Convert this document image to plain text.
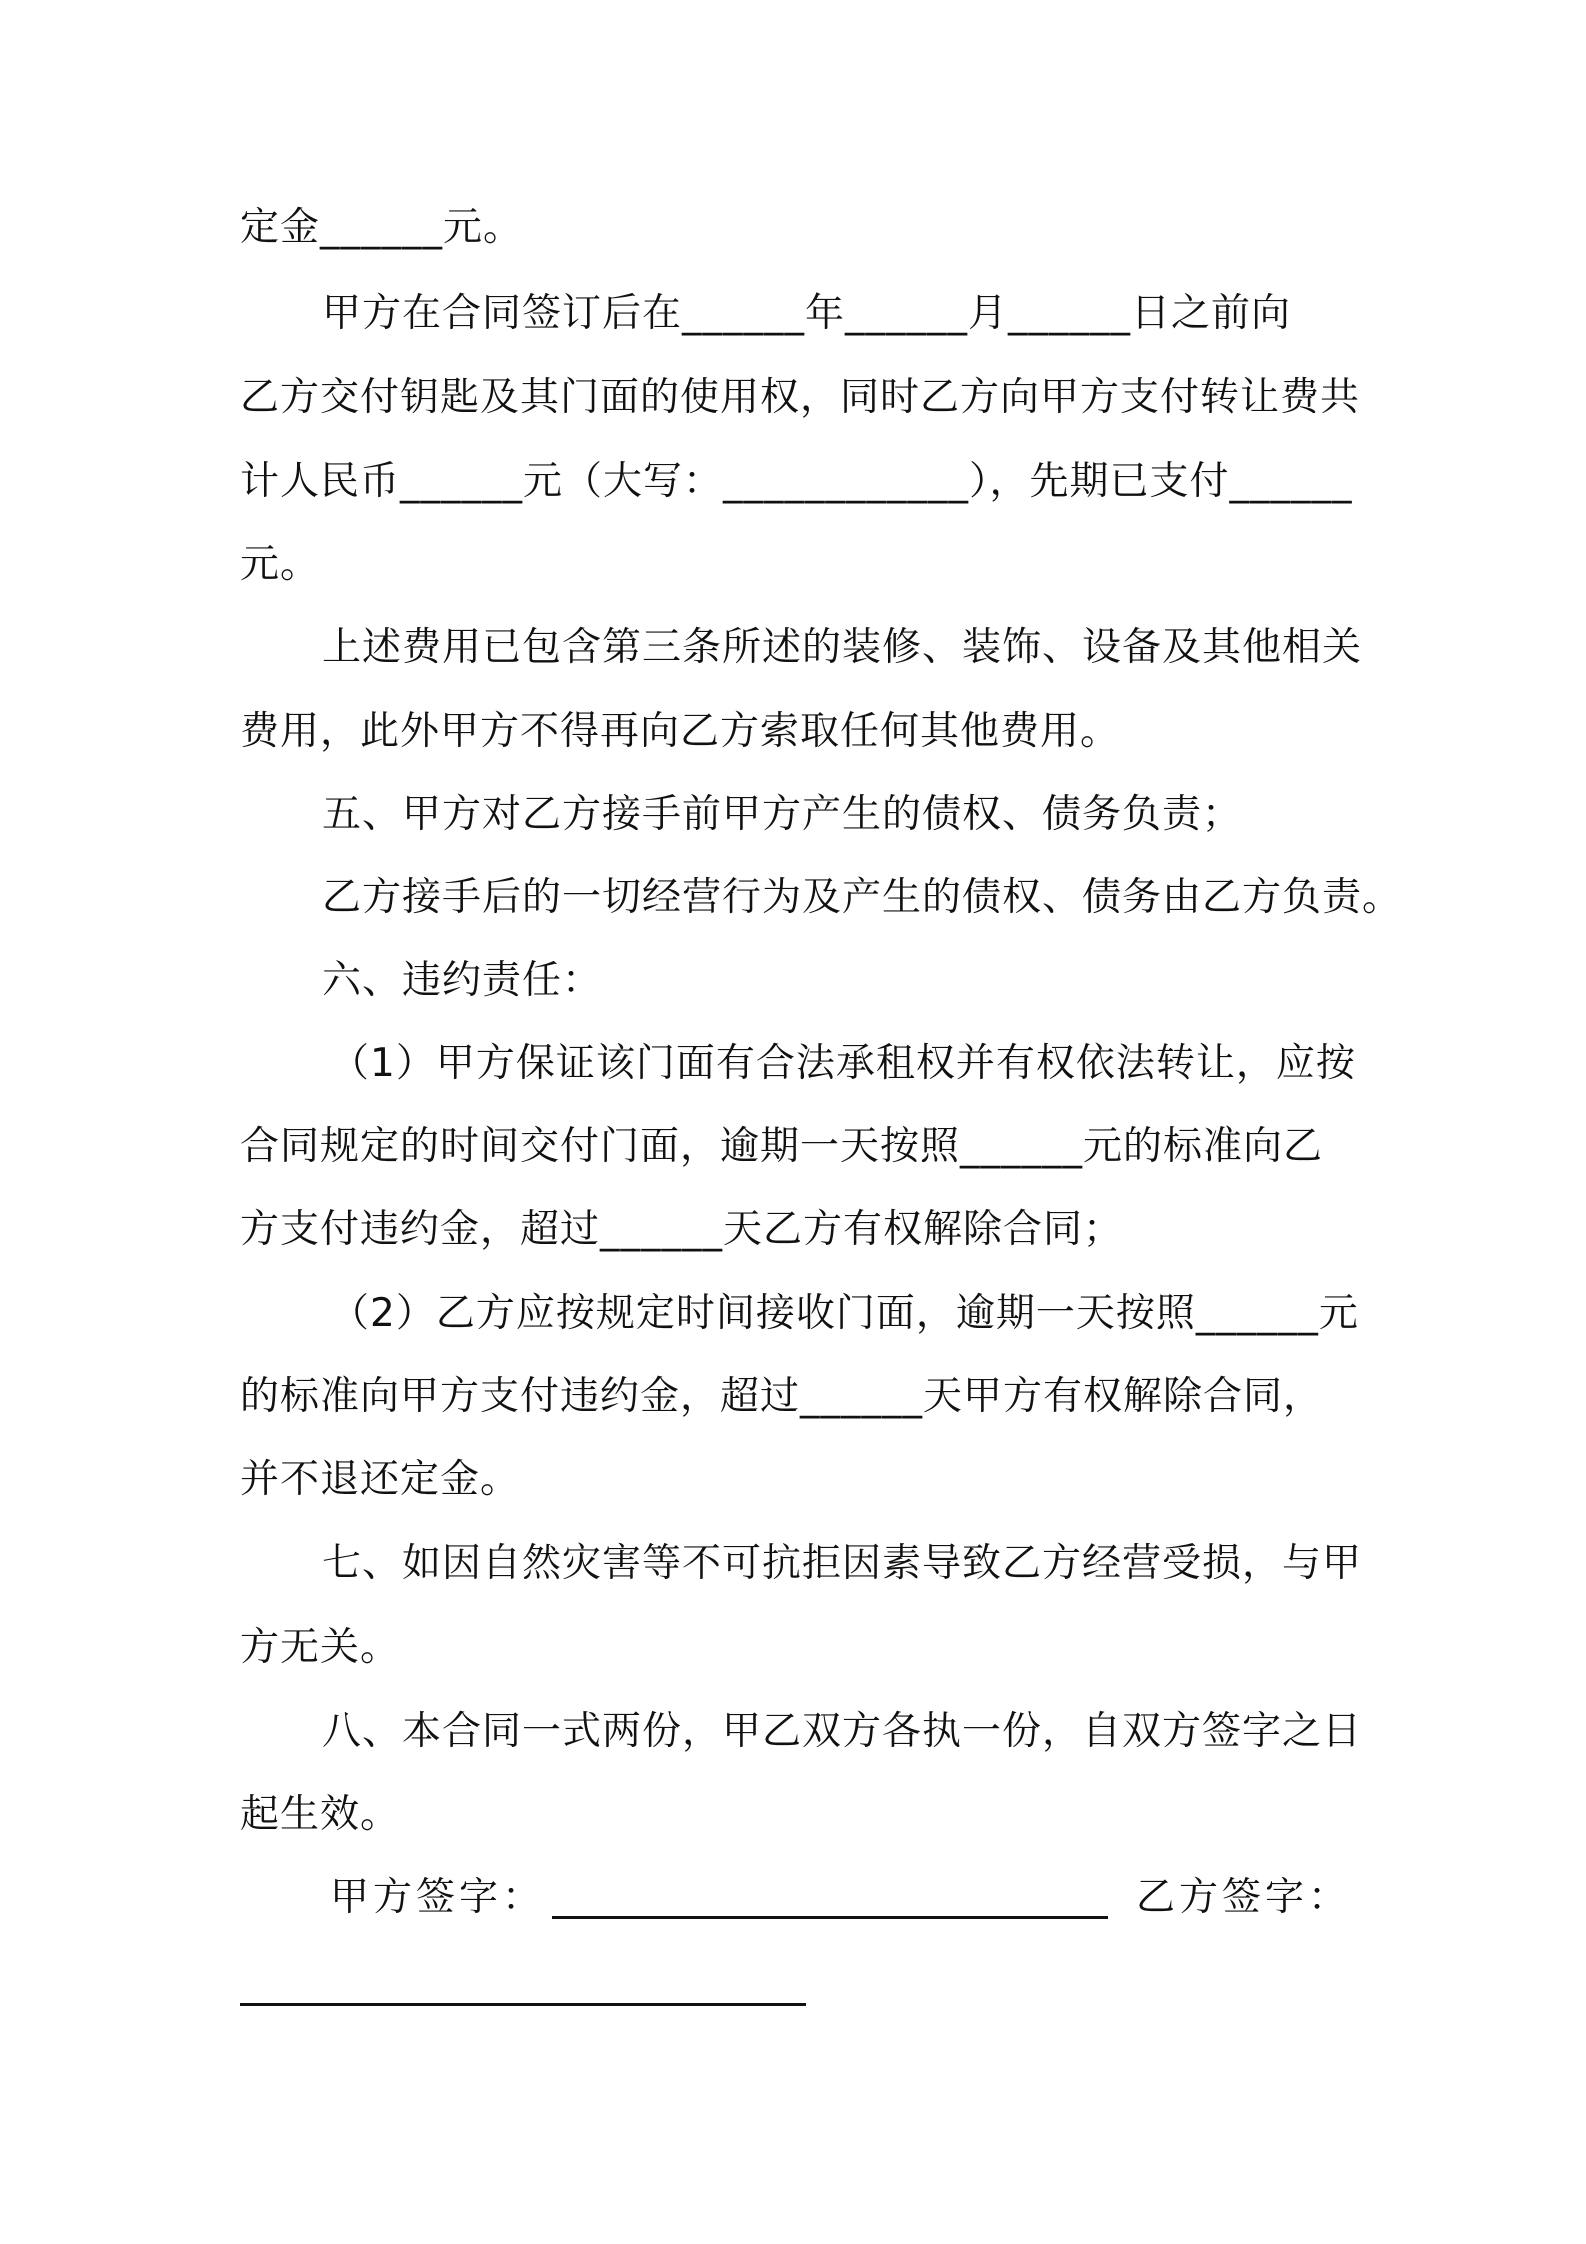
定金______元。
甲方在合同签订后在______年______月______日之前向
乙方交付钥匙及其门面的使用权，同时乙方向甲方支付转让费共
计人民币______元（大写：____________），先期已支付______
元。
上述费用已包含第三条所述的装修、装饰、设备及其他相关
费用，此外甲方不得再向乙方索取任何其他费用。
五、甲方对乙方接手前甲方产生的债权、债务负责；
乙方接手后的一切经营行为及产生的债权、债务由乙方负责。
六、违约责任：
（1）甲方保证该门面有合法承租权并有权依法转让，应按
合同规定的时间交付门面，逾期一天按照______元的标准向乙
方支付违约金，超过______天乙方有权解除合同；
（2）乙方应按规定时间接收门面，逾期一天按照______元
的标准向甲方支付违约金，超过______天甲方有权解除合同，
并不退还定金。
七、如因自然灾害等不可抗拒因素导致乙方经营受损，与甲
方无关。
八、本合同一式两份，甲乙双方各执一份，自双方签字之日
起生效。
甲方签字：	乙方签字：
